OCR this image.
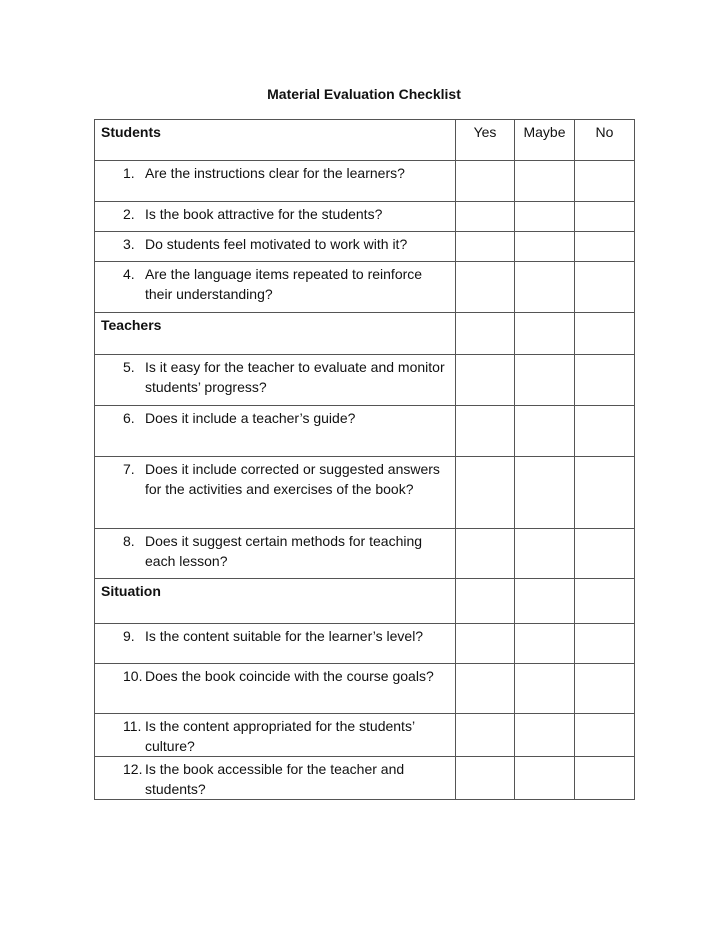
Material Evaluation Checklist
Students	Yes	Maybe	No

1. Are the instructions clear for the learners?			

2. Is the book attractive for the students?			

3. Do students feel motivated to work with it?			

4. Are the language items repeated to reinforce their understanding?			

Teachers			

5. Is it easy for the teacher to evaluate and monitor students’ progress?			

6. Does it include a teacher’s guide?			

7. Does it include corrected or suggested answers for the activities and exercises of the book?			

8. Does it suggest certain methods for teaching each lesson?			

Situation			

9. Is the content suitable for the learner’s level?			

10. Does the book coincide with the course goals?			

11. Is the content appropriated for the students’ culture?			

12. Is the book accessible for the teacher and students?			
